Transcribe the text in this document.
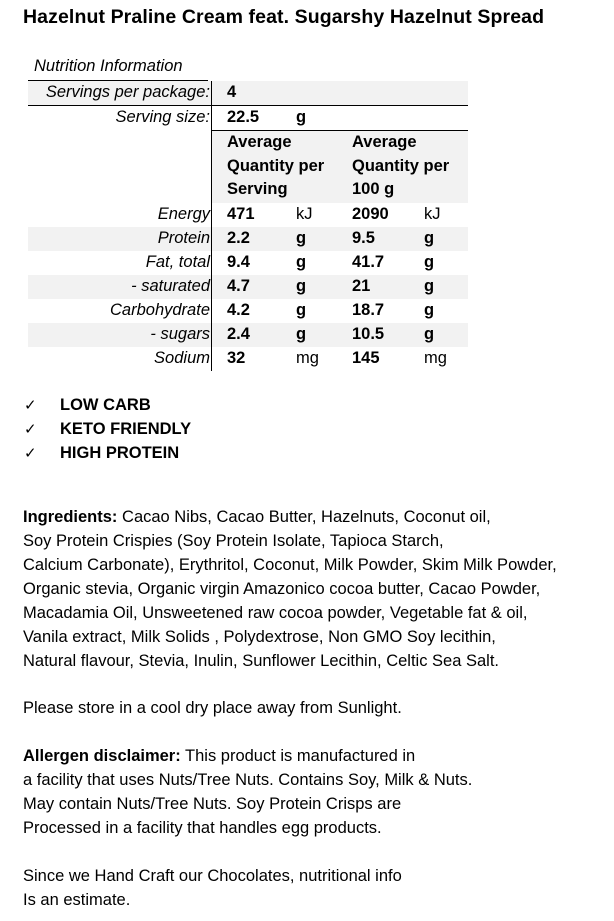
Hazelnut Praline Cream feat. Sugarshy Hazelnut Spread
Nutrition Information
Servings per package: 4
Serving size: 22.5 g
Average
Quantity per
Serving
Average
Quantity per
100 g
Energy 471	kJ 2090 kJ
Protein 2.2	g	9.5	g
Fat, total 9.4	g	41.7 g
- saturated 4.7	g	21	g
Carbohydrate 4.2	g	18.7 g
- sugars 2.4	g	10.5 g
Sodium 32	mg 145	mg
✓	LOW CARB
✓	KETO FRIENDLY
✓	HIGH PROTEIN
Ingredients: Cacao Nibs, Cacao Butter, Hazelnuts, Coconut oil,
Soy Protein Crispies (Soy Protein Isolate, Tapioca Starch,
Calcium Carbonate), Erythritol, Coconut, Milk Powder, Skim Milk Powder,
Organic stevia, Organic virgin Amazonico cocoa butter, Cacao Powder,
Macadamia Oil, Unsweetened raw cocoa powder, Vegetable fat & oil,
Vanila extract, Milk Solids , Polydextrose, Non GMO Soy lecithin,
Natural flavour, Stevia, Inulin, Sunflower Lecithin, Celtic Sea Salt.
Please store in a cool dry place away from Sunlight.
Allergen disclaimer: This product is manufactured in
a facility that uses Nuts/Tree Nuts. Contains Soy, Milk & Nuts.
May contain Nuts/Tree Nuts. Soy Protein Crisps are
Processed in a facility that handles egg products.
Since we Hand Craft our Chocolates, nutritional info
Is an estimate.
